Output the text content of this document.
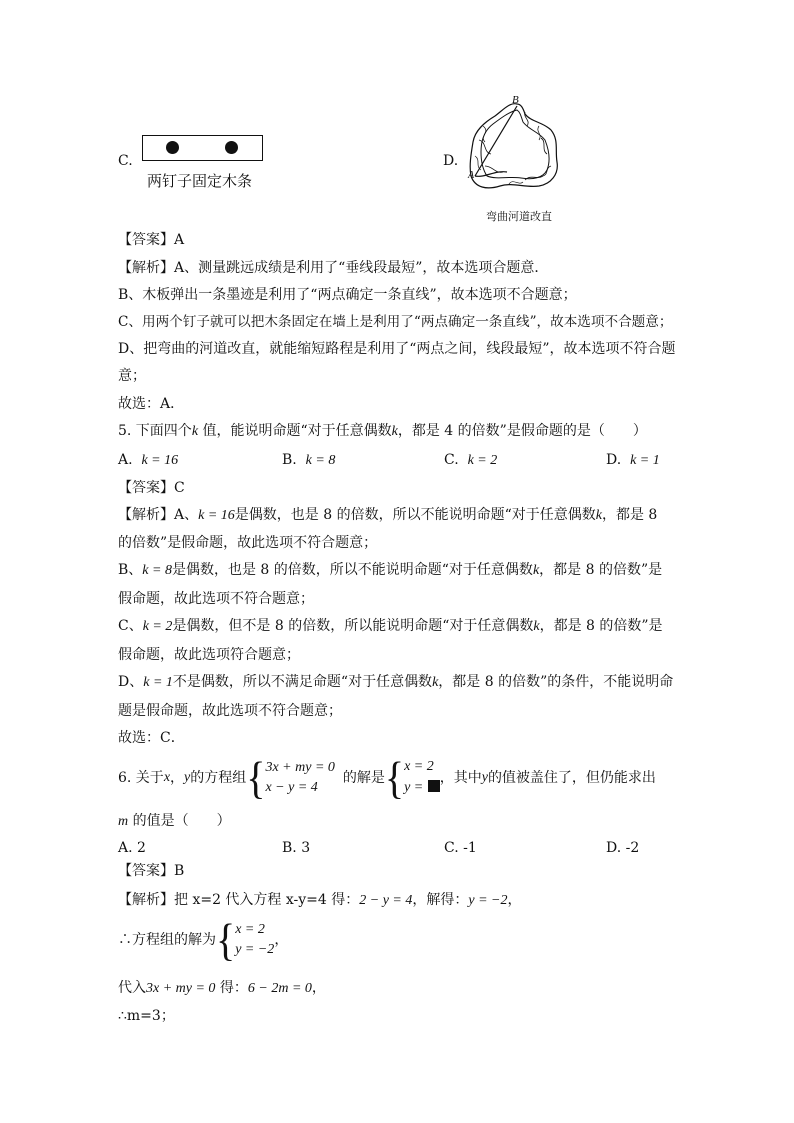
C.
两钉子固定木条
D.
B
A
弯曲河道改直
【答案】A
【解析】A、测量跳远成绩是利用了“垂线段最短”，故本选项合题意．
B、木板弹出一条墨迹是利用了“两点确定一条直线”，故本选项不合题意；
C、用两个钉子就可以把木条固定在墙上是利用了“两点确定一条直线”，故本选项不合题意；
D、把弯曲的河道改直，就能缩短路程是利用了“两点之间，线段最短”，故本选项不符合题
意；
故选：A．
5. 下面四个k 值，能说明命题“对于任意偶数k，都是 4 的倍数”是假命题的是（　　）
A. k = 16	B. k = 8	C. k = 2	D. k = 1
【答案】C
【解析】A、k = 16是偶数，也是 8 的倍数，所以不能说明命题“对于任意偶数k，都是 8
的倍数”是假命题，故此选项不符合题意；
B、k = 8是偶数，也是 8 的倍数，所以不能说明命题“对于任意偶数k，都是 8 的倍数”是
假命题，故此选项不符合题意；
C、k = 2是偶数，但不是 8 的倍数，所以能说明命题“对于任意偶数k，都是 8 的倍数”是
假命题，故此选项符合题意；
D、k = 1不是偶数，所以不满足命题“对于任意偶数k，都是 8 的倍数”的条件，不能说明命
题是假命题，故此选项不符合题意；
故选：C．
6. 关于 x ， y 的方程组 { 3x + my = 0
x − y = 4
的解是 { x = 2
y =
，其中 y 的值被盖住了，但仍能求出
m 的值是（　　）
A. 2	B. 3	C. -1	D. -2
【答案】B
【解析】把 x=2 代入方程 x-y=4 得：2 − y = 4，解得：y = −2，
∴方程组的解为 { x = 2
y = −2
，
代入3x + my = 0 得：6 − 2m = 0，
∴m=3；
